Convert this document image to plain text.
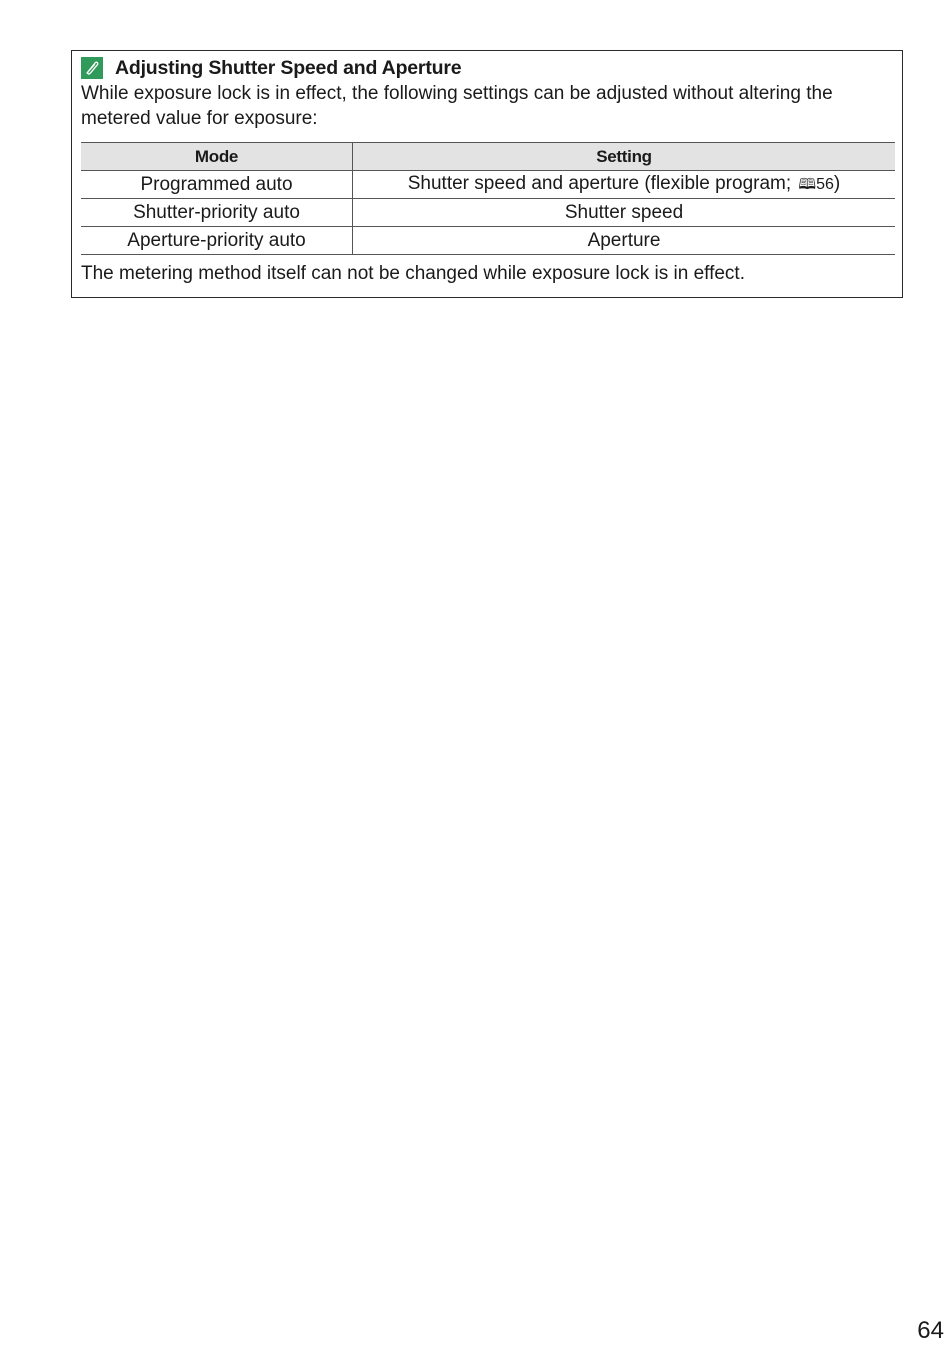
Adjusting Shutter Speed and Aperture
While exposure lock is in effect, the following settings can be adjusted without altering the metered value for exposure:
Mode	Setting
Programmed auto	Shutter speed and aperture (flexible program; 🕮56)
Shutter-priority auto	Shutter speed
Aperture-priority auto	Aperture
The metering method itself can not be changed while exposure lock is in effect.
64
